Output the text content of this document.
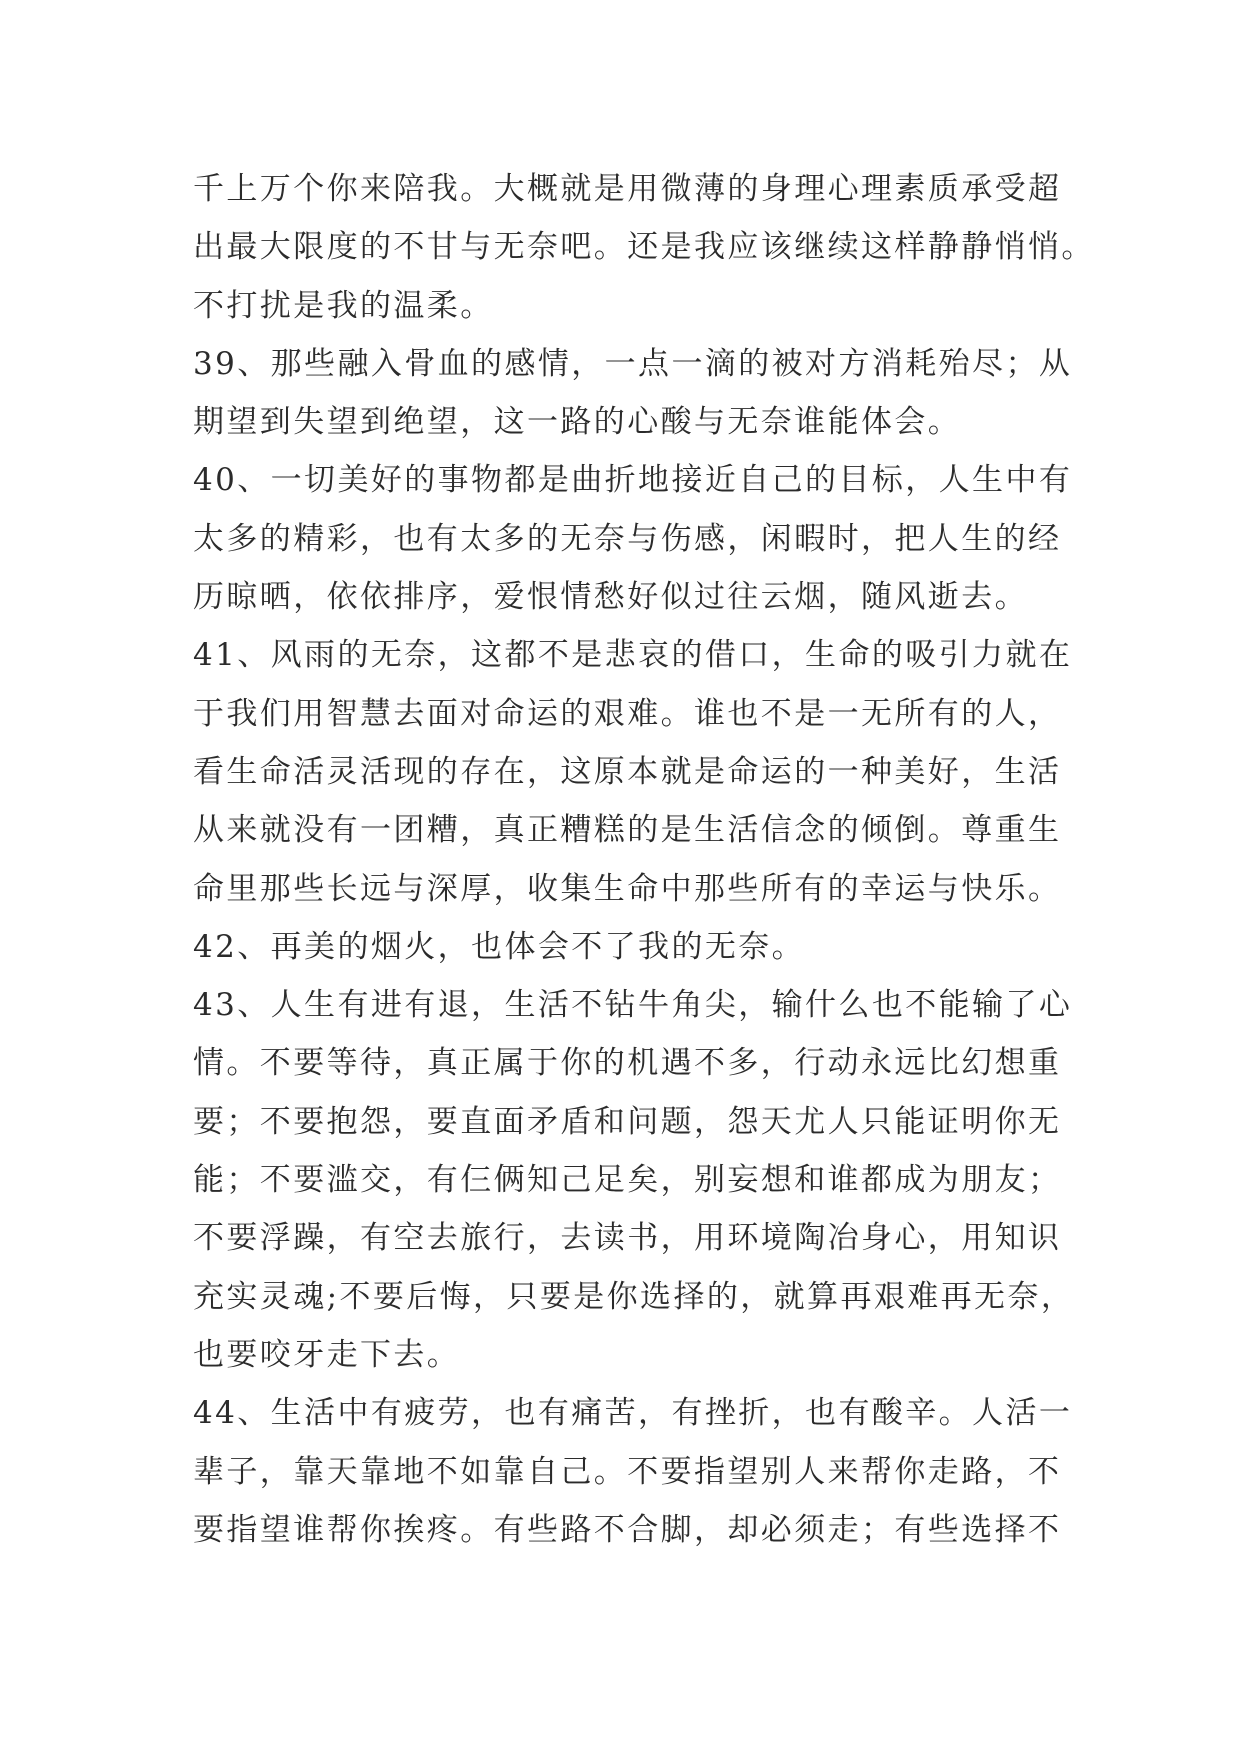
千上万个你来陪我。大概就是用微薄的身理心理素质承受超
出最大限度的不甘与无奈吧。还是我应该继续这样静静悄悄。
不打扰是我的温柔。
39、那些融入骨血的感情，一点一滴的被对方消耗殆尽；从
期望到失望到绝望，这一路的心酸与无奈谁能体会。
40、一切美好的事物都是曲折地接近自己的目标，人生中有
太多的精彩，也有太多的无奈与伤感，闲暇时，把人生的经
历晾晒，依依排序，爱恨情愁好似过往云烟，随风逝去。
41、风雨的无奈，这都不是悲哀的借口，生命的吸引力就在
于我们用智慧去面对命运的艰难。谁也不是一无所有的人，
看生命活灵活现的存在，这原本就是命运的一种美好，生活
从来就没有一团糟，真正糟糕的是生活信念的倾倒。尊重生
命里那些长远与深厚，收集生命中那些所有的幸运与快乐。
42、再美的烟火，也体会不了我的无奈。
43、人生有进有退，生活不钻牛角尖，输什么也不能输了心
情。不要等待，真正属于你的机遇不多，行动永远比幻想重
要；不要抱怨，要直面矛盾和问题，怨天尤人只能证明你无
能；不要滥交，有仨俩知己足矣，别妄想和谁都成为朋友；
不要浮躁，有空去旅行，去读书，用环境陶冶身心，用知识
充实灵魂;不要后悔，只要是你选择的，就算再艰难再无奈，
也要咬牙走下去。
44、生活中有疲劳，也有痛苦，有挫折，也有酸辛。人活一
辈子，靠天靠地不如靠自己。不要指望别人来帮你走路，不
要指望谁帮你挨疼。有些路不合脚，却必须走；有些选择不
